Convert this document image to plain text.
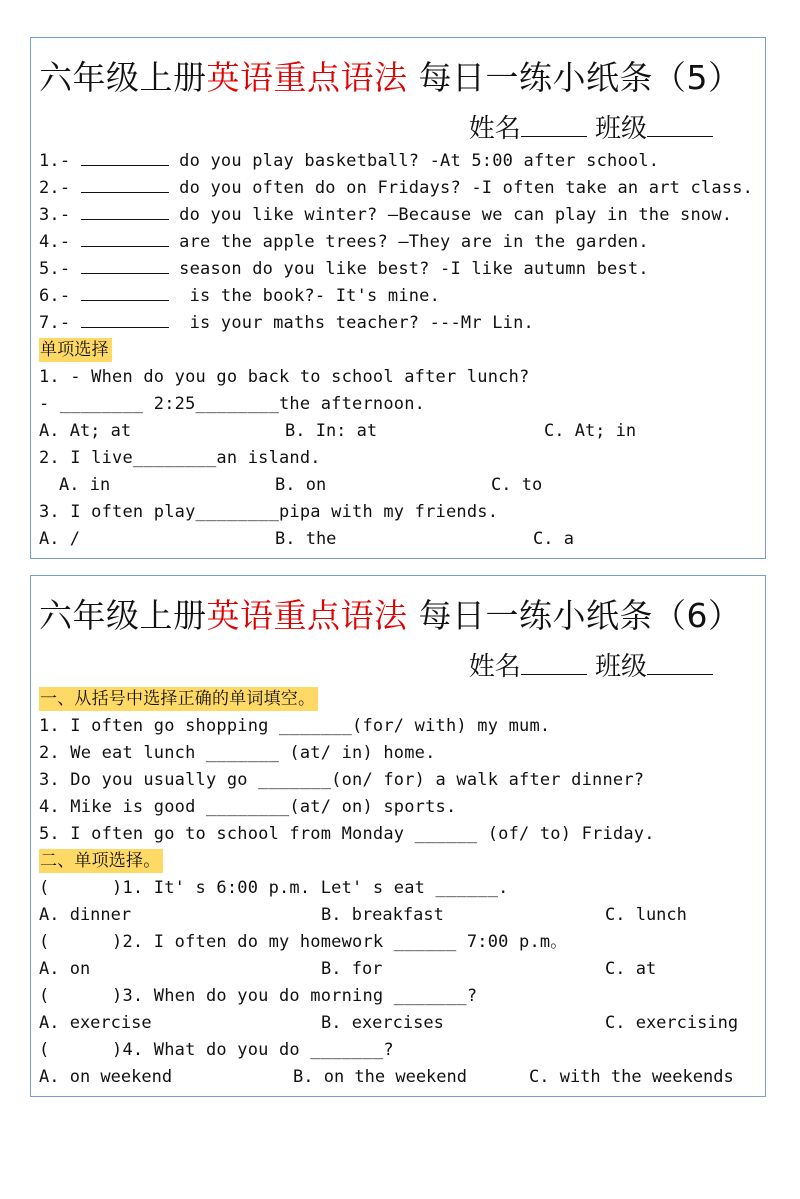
六年级上册英语重点语法 每日一练小纸条（5）
姓名	班级
1.-	do you play basketball? -At 5:00 after school.
2.-	do you often do on Fridays? -I often take an art class.
3.-	do you like winter? —Because we can play in the snow.
4.-	are the apple trees? —They are in the garden.
5.-	season do you like best? -I like autumn best.
6.-	is the book?- It's mine.
7.-	is your maths teacher? ---Mr Lin.
单项选择
1. - When do you go back to school after lunch?
- ________ 2:25________the afternoon.

A. At; at

	B. In: at

	C. At; in

2. I live________an island.

A. in

	B. on

	C. to

3. I often play________pipa with my friends.

A. /

	B. the

	C. a

六年级上册英语重点语法 每日一练小纸条（6）
姓名	班级
一、从括号中选择正确的单词填空。
1. I often go shopping _______(for/ with) my mum.
2. We eat lunch _______ (at/ in) home.
3. Do you usually go _______(on/ for) a walk after dinner?
4. Mike is good ________(at/ on) sports.
5. I often go to school from Monday ______ (of/ to) Friday.
二、单项选择。
(      )1. It' s 6:00 p.m. Let' s eat ______.

A. dinner

	B. breakfast

	C. lunch

(      )2. I often do my homework ______ 7:00 p.m。

A. on

	B. for

	C. at

(      )3. When do you do morning _______?

A. exercise

	B. exercises

	C. exercising

(      )4. What do you do _______?

A. on weekend

	B. on the weekend

	C. with the weekends
